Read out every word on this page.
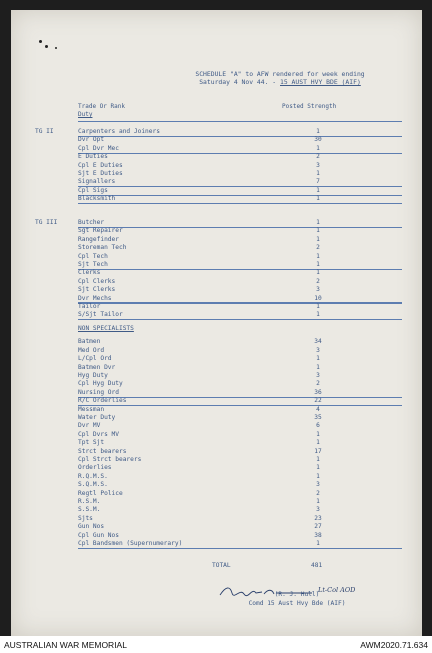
SCHEDULE "A" to AFW rendered for week ending
Saturday 4 Nov 44. - 15 AUST HVY BDE (AIF)
Trade Or Rank
Duty
Posted Strength
TG II	Carpenters and Joiners	1
Dvr Opt	30
Cpl Dvr Mec	1
E Duties	2
Cpl E Duties	3
Sjt E Duties	1
Signallers	7
Cpl Sigs	1
Blacksmith	1
TG III	Butcher	1
Sgt Repairer	1
Rangefinder	1
Storeman Tech	2
Cpl Tech	1
Sjt Tech	1
Clerks	1
Cpl Clerks	2
Sjt Clerks	3
Dvr Mechs	10
Tailor	1
S/Sjt Tailor	1
NON SPECIALISTS
Batmen	34
Med Ord	3
L/Cpl Ord	1
Batmen Dvr	1
Hyg Duty	3
Cpl Hyg Duty	2
Nursing Ord	36
R/C Orderlies	22
Messman	4
Water Duty	35
Dvr MV	6
Cpl Dvrs MV	1
Tpt Sjt	1
Strct bearers	17
Cpl Strct bearers	1
Orderlies	1
R.Q.M.S.	1
S.Q.M.S.	3
Regtl Police	2
R.S.M.	1
S.S.M.	3
Sjts	23
Gun Nos	27
Cpl Gun Nos	38
Cpl Bandsmen (Supernumerary)	1
TOTAL	481
Lt-Col AOD
(R. J. Hull)
Comd 15 Aust Hvy Bde (AIF)
AUSTRALIAN WAR MEMORIAL	AWM2020.71.634
